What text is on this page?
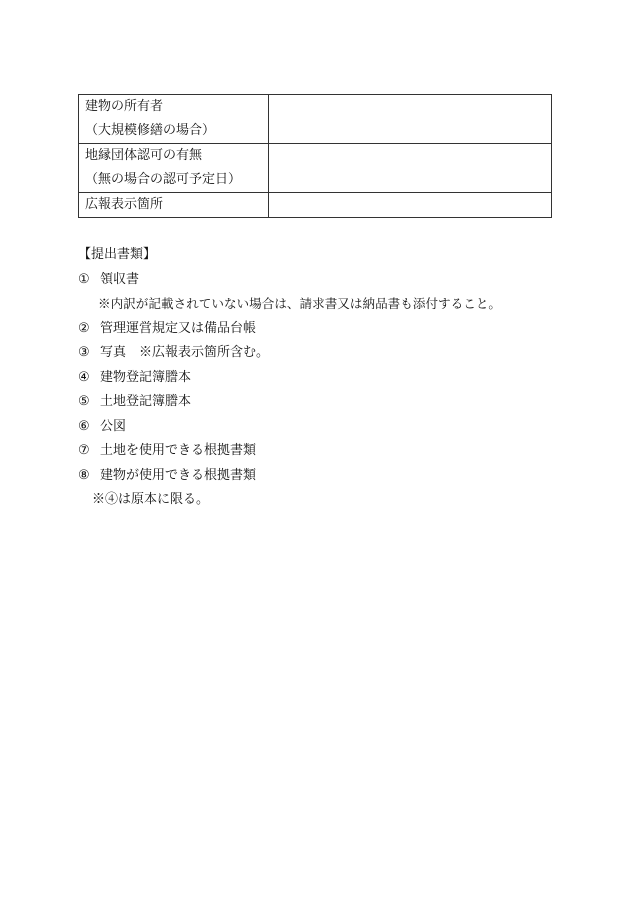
建物の所有者
（大規模修繕の場合）	

地縁団体認可の有無
（無の場合の認可予定日）	

広報表示箇所	

【提出書類】
① 領収書
※内訳が記載されていない場合は、請求書又は納品書も添付すること。
② 管理運営規定又は備品台帳
③ 写真　※広報表示箇所含む。
④ 建物登記簿謄本
⑤ 土地登記簿謄本
⑥ 公図
⑦ 土地を使用できる根拠書類
⑧ 建物が使用できる根拠書類
※④は原本に限る。
